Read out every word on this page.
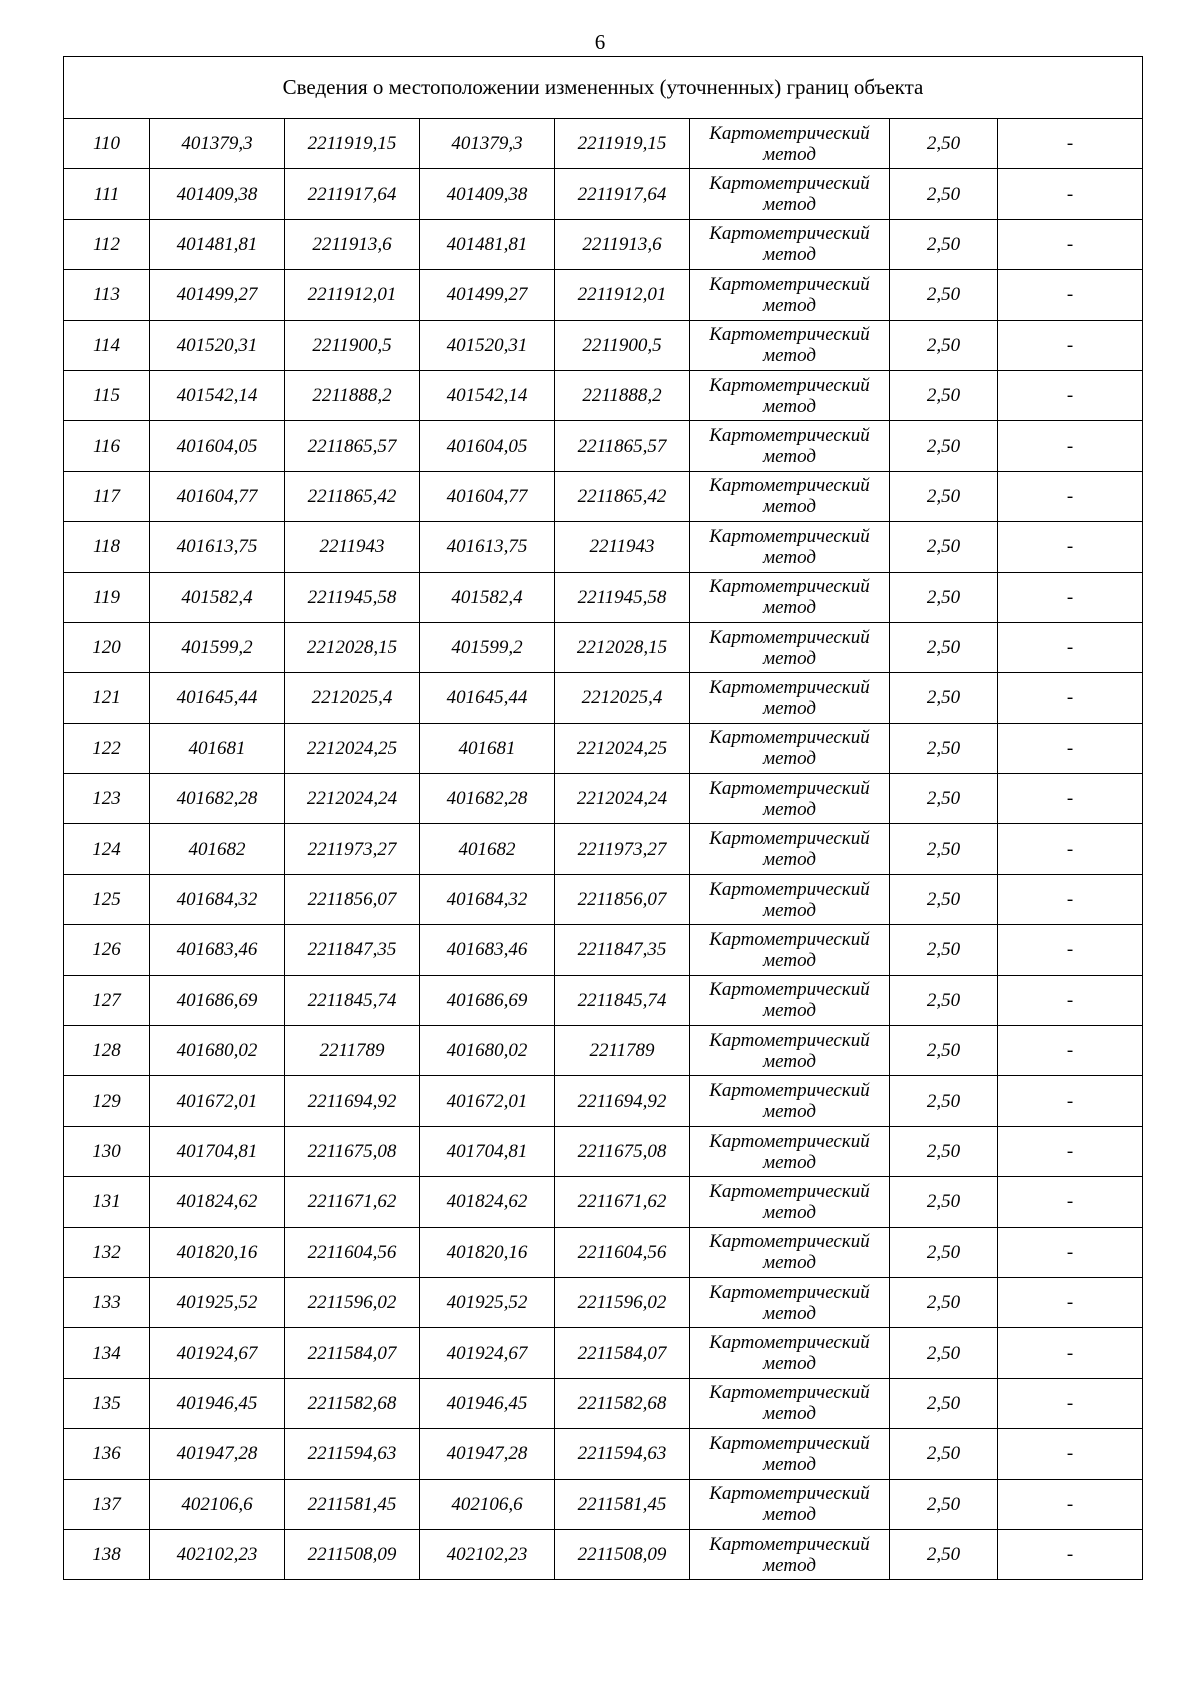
6
Сведения о местоположении измененных (уточненных) границ объекта							
110	401379,3	2211919,15	401379,3	2211919,15	Картометрический метод	2,50	-
111	401409,38	2211917,64	401409,38	2211917,64	Картометрический метод	2,50	-
112	401481,81	2211913,6	401481,81	2211913,6	Картометрический метод	2,50	-
113	401499,27	2211912,01	401499,27	2211912,01	Картометрический метод	2,50	-
114	401520,31	2211900,5	401520,31	2211900,5	Картометрический метод	2,50	-
115	401542,14	2211888,2	401542,14	2211888,2	Картометрический метод	2,50	-
116	401604,05	2211865,57	401604,05	2211865,57	Картометрический метод	2,50	-
117	401604,77	2211865,42	401604,77	2211865,42	Картометрический метод	2,50	-
118	401613,75	2211943	401613,75	2211943	Картометрический метод	2,50	-
119	401582,4	2211945,58	401582,4	2211945,58	Картометрический метод	2,50	-
120	401599,2	2212028,15	401599,2	2212028,15	Картометрический метод	2,50	-
121	401645,44	2212025,4	401645,44	2212025,4	Картометрический метод	2,50	-
122	401681	2212024,25	401681	2212024,25	Картометрический метод	2,50	-
123	401682,28	2212024,24	401682,28	2212024,24	Картометрический метод	2,50	-
124	401682	2211973,27	401682	2211973,27	Картометрический метод	2,50	-
125	401684,32	2211856,07	401684,32	2211856,07	Картометрический метод	2,50	-
126	401683,46	2211847,35	401683,46	2211847,35	Картометрический метод	2,50	-
127	401686,69	2211845,74	401686,69	2211845,74	Картометрический метод	2,50	-
128	401680,02	2211789	401680,02	2211789	Картометрический метод	2,50	-
129	401672,01	2211694,92	401672,01	2211694,92	Картометрический метод	2,50	-
130	401704,81	2211675,08	401704,81	2211675,08	Картометрический метод	2,50	-
131	401824,62	2211671,62	401824,62	2211671,62	Картометрический метод	2,50	-
132	401820,16	2211604,56	401820,16	2211604,56	Картометрический метод	2,50	-
133	401925,52	2211596,02	401925,52	2211596,02	Картометрический метод	2,50	-
134	401924,67	2211584,07	401924,67	2211584,07	Картометрический метод	2,50	-
135	401946,45	2211582,68	401946,45	2211582,68	Картометрический метод	2,50	-
136	401947,28	2211594,63	401947,28	2211594,63	Картометрический метод	2,50	-
137	402106,6	2211581,45	402106,6	2211581,45	Картометрический метод	2,50	-
138	402102,23	2211508,09	402102,23	2211508,09	Картометрический метод	2,50	-
